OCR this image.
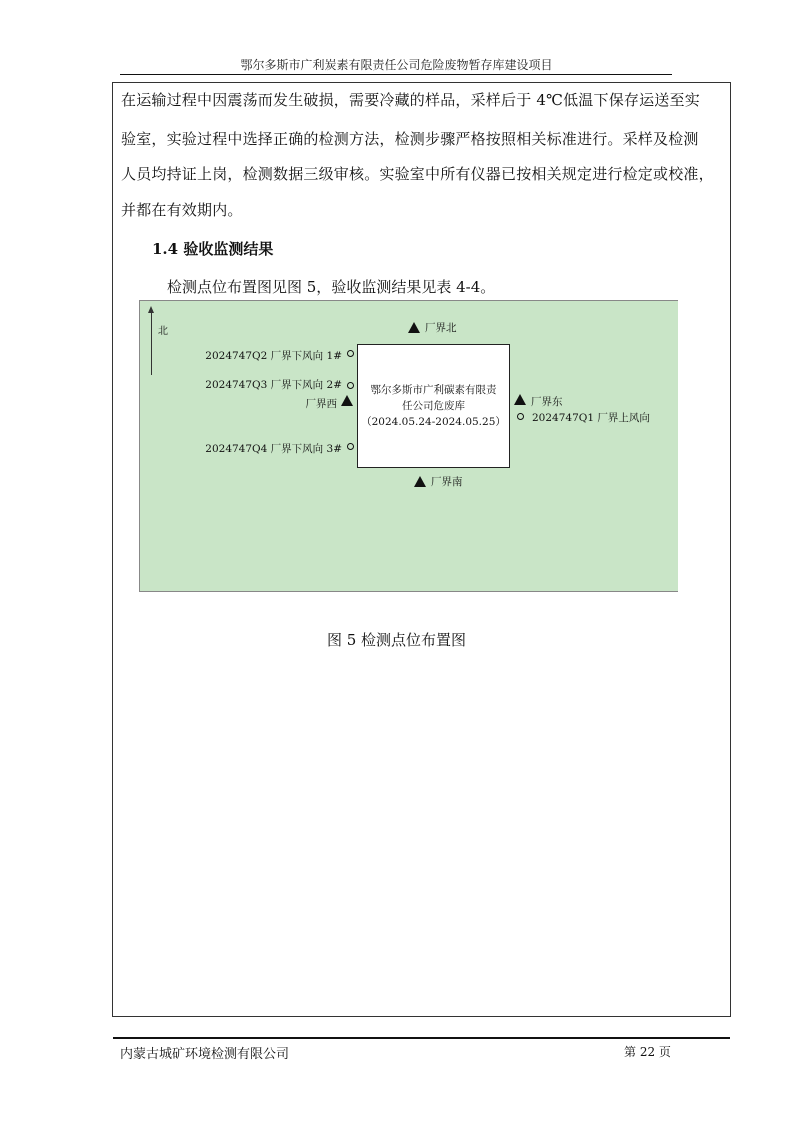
鄂尔多斯市广利炭素有限责任公司危险废物暂存库建设项目
在运输过程中因震荡而发生破损，需要冷藏的样品，采样后于 4℃低温下保存运送至实
验室，实验过程中选择正确的检测方法，检测步骤严格按照相关标准进行。采样及检测
人员均持证上岗，检测数据三级审核。实验室中所有仪器已按相关规定进行检定或校准，
并都在有效期内。
1.4 验收监测结果
检测点位布置图见图 5，验收监测结果见表 4-4。
北
鄂尔多斯市广利碳素有限责
任公司危废库
（2024.05.24-2024.05.25）
厂界北
厂界南
厂界东
厂界西
2024747Q2 厂界下风向 1#
2024747Q3 厂界下风向 2#
2024747Q4 厂界下风向 3#
2024747Q1 厂界上风向
图 5 检测点位布置图
内蒙古城矿环境检测有限公司	第 22 页
